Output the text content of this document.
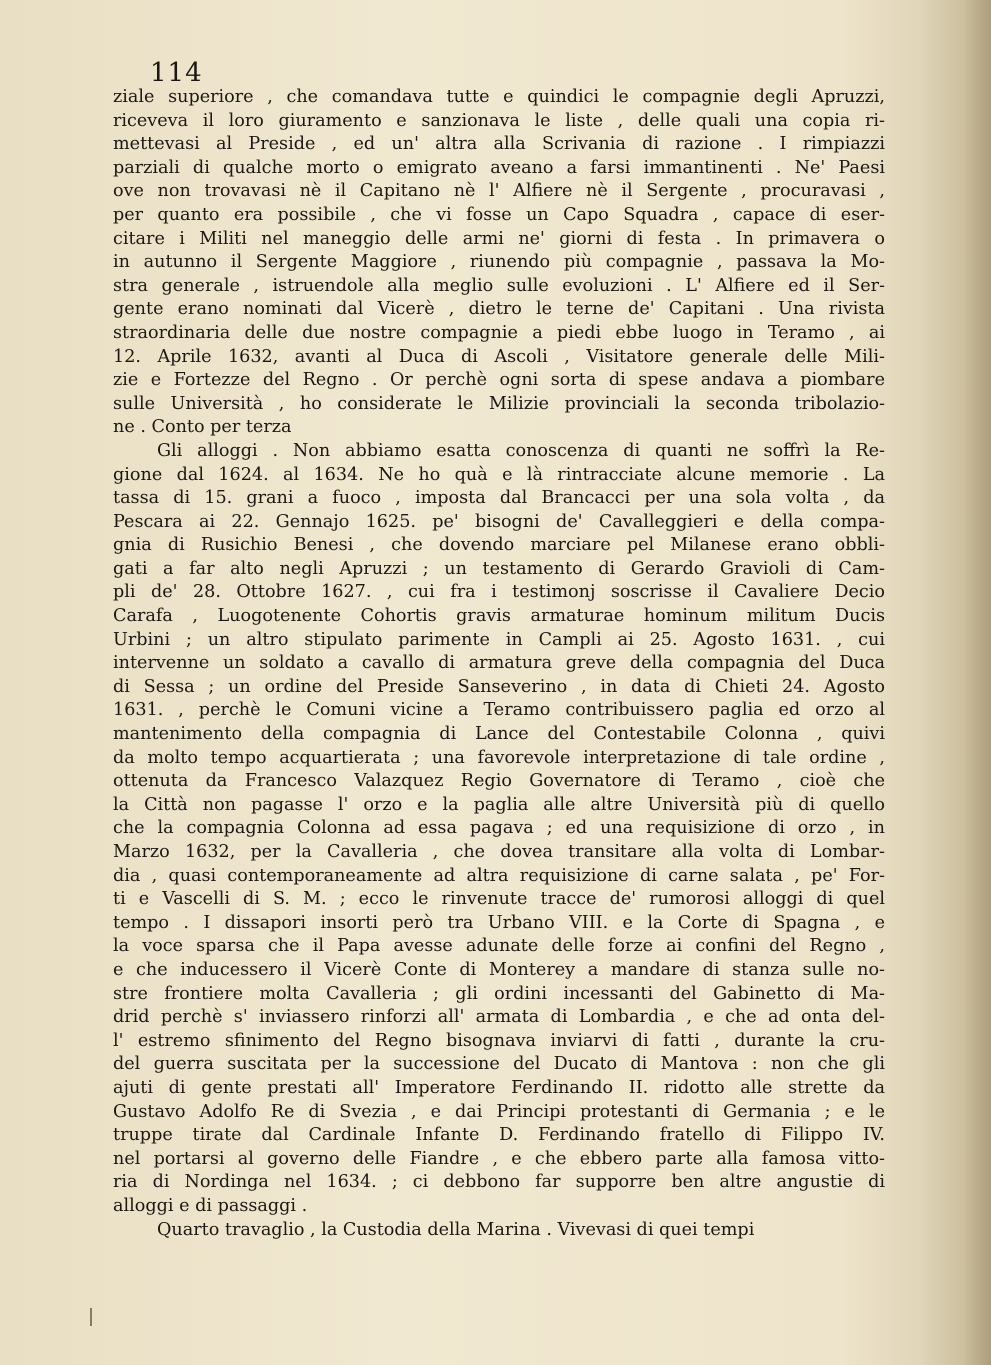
114
ziale superiore , che comandava tutte e quindici le compagnie degli Apruzzi,
riceveva il loro giuramento e sanzionava le liste , delle quali una copia ri-
mettevasi al Preside , ed un' altra alla Scrivania di razione . I rimpiazzi
parziali di qualche morto o emigrato aveano a farsi immantinenti . Ne' Paesi
ove non trovavasi nè il Capitano nè l' Alfiere nè il Sergente , procuravasi ,
per quanto era possibile , che vi fosse un Capo Squadra , capace di eser-
citare i Militi nel maneggio delle armi ne' giorni di festa . In primavera o
in autunno il Sergente Maggiore , riunendo più compagnie , passava la Mo-
stra generale , istruendole alla meglio sulle evoluzioni . L' Alfiere ed il Ser-
gente erano nominati dal Vicerè , dietro le terne de' Capitani . Una rivista
straordinaria delle due nostre compagnie a piedi ebbe luogo in Teramo , ai
12. Aprile 1632, avanti al Duca di Ascoli , Visitatore generale delle Mili-
zie e Fortezze del Regno . Or perchè ogni sorta di spese andava a piombare
sulle Università , ho considerate le Milizie provinciali la seconda tribolazio-
ne . Conto per terza
Gli alloggi . Non abbiamo esatta conoscenza di quanti ne soffrì la Re-
gione dal 1624. al 1634. Ne ho quà e là rintracciate alcune memorie . La
tassa di 15. grani a fuoco , imposta dal Brancacci per una sola volta , da
Pescara ai 22. Gennajo 1625. pe' bisogni de' Cavalleggieri e della compa-
gnia di Rusichio Benesi , che dovendo marciare pel Milanese erano obbli-
gati a far alto negli Apruzzi ; un testamento di Gerardo Gravioli di Cam-
pli de' 28. Ottobre 1627. , cui fra i testimonj soscrisse il Cavaliere Decio
Carafa , Luogotenente Cohortis gravis armaturae hominum militum Ducis
Urbini ; un altro stipulato parimente in Campli ai 25. Agosto 1631. , cui
intervenne un soldato a cavallo di armatura greve della compagnia del Duca
di Sessa ; un ordine del Preside Sanseverino , in data di Chieti 24. Agosto
1631. , perchè le Comuni vicine a Teramo contribuissero paglia ed orzo al
mantenimento della compagnia di Lance del Contestabile Colonna , quivi
da molto tempo acquartierata ; una favorevole interpretazione di tale ordine ,
ottenuta da Francesco Valazquez Regio Governatore di Teramo , cioè che
la Città non pagasse l' orzo e la paglia alle altre Università più di quello
che la compagnia Colonna ad essa pagava ; ed una requisizione di orzo , in
Marzo 1632, per la Cavalleria , che dovea transitare alla volta di Lombar-
dia , quasi contemporaneamente ad altra requisizione di carne salata , pe' For-
ti e Vascelli di S. M. ; ecco le rinvenute tracce de' rumorosi alloggi di quel
tempo . I dissapori insorti però tra Urbano VIII. e la Corte di Spagna , e
la voce sparsa che il Papa avesse adunate delle forze ai confini del Regno ,
e che inducessero il Vicerè Conte di Monterey a mandare di stanza sulle no-
stre frontiere molta Cavalleria ; gli ordini incessanti del Gabinetto di Ma-
drid perchè s' inviassero rinforzi all' armata di Lombardia , e che ad onta del-
l' estremo sfinimento del Regno bisognava inviarvi di fatti , durante la cru-
del guerra suscitata per la successione del Ducato di Mantova : non che gli
ajuti di gente prestati all' Imperatore Ferdinando II. ridotto alle strette da
Gustavo Adolfo Re di Svezia , e dai Principi protestanti di Germania ; e le
truppe tirate dal Cardinale Infante D. Ferdinando fratello di Filippo IV.
nel portarsi al governo delle Fiandre , e che ebbero parte alla famosa vitto-
ria di Nordinga nel 1634. ; ci debbono far supporre ben altre angustie di
alloggi e di passaggi .
Quarto travaglio , la Custodia della Marina . Vivevasi di quei tempi
